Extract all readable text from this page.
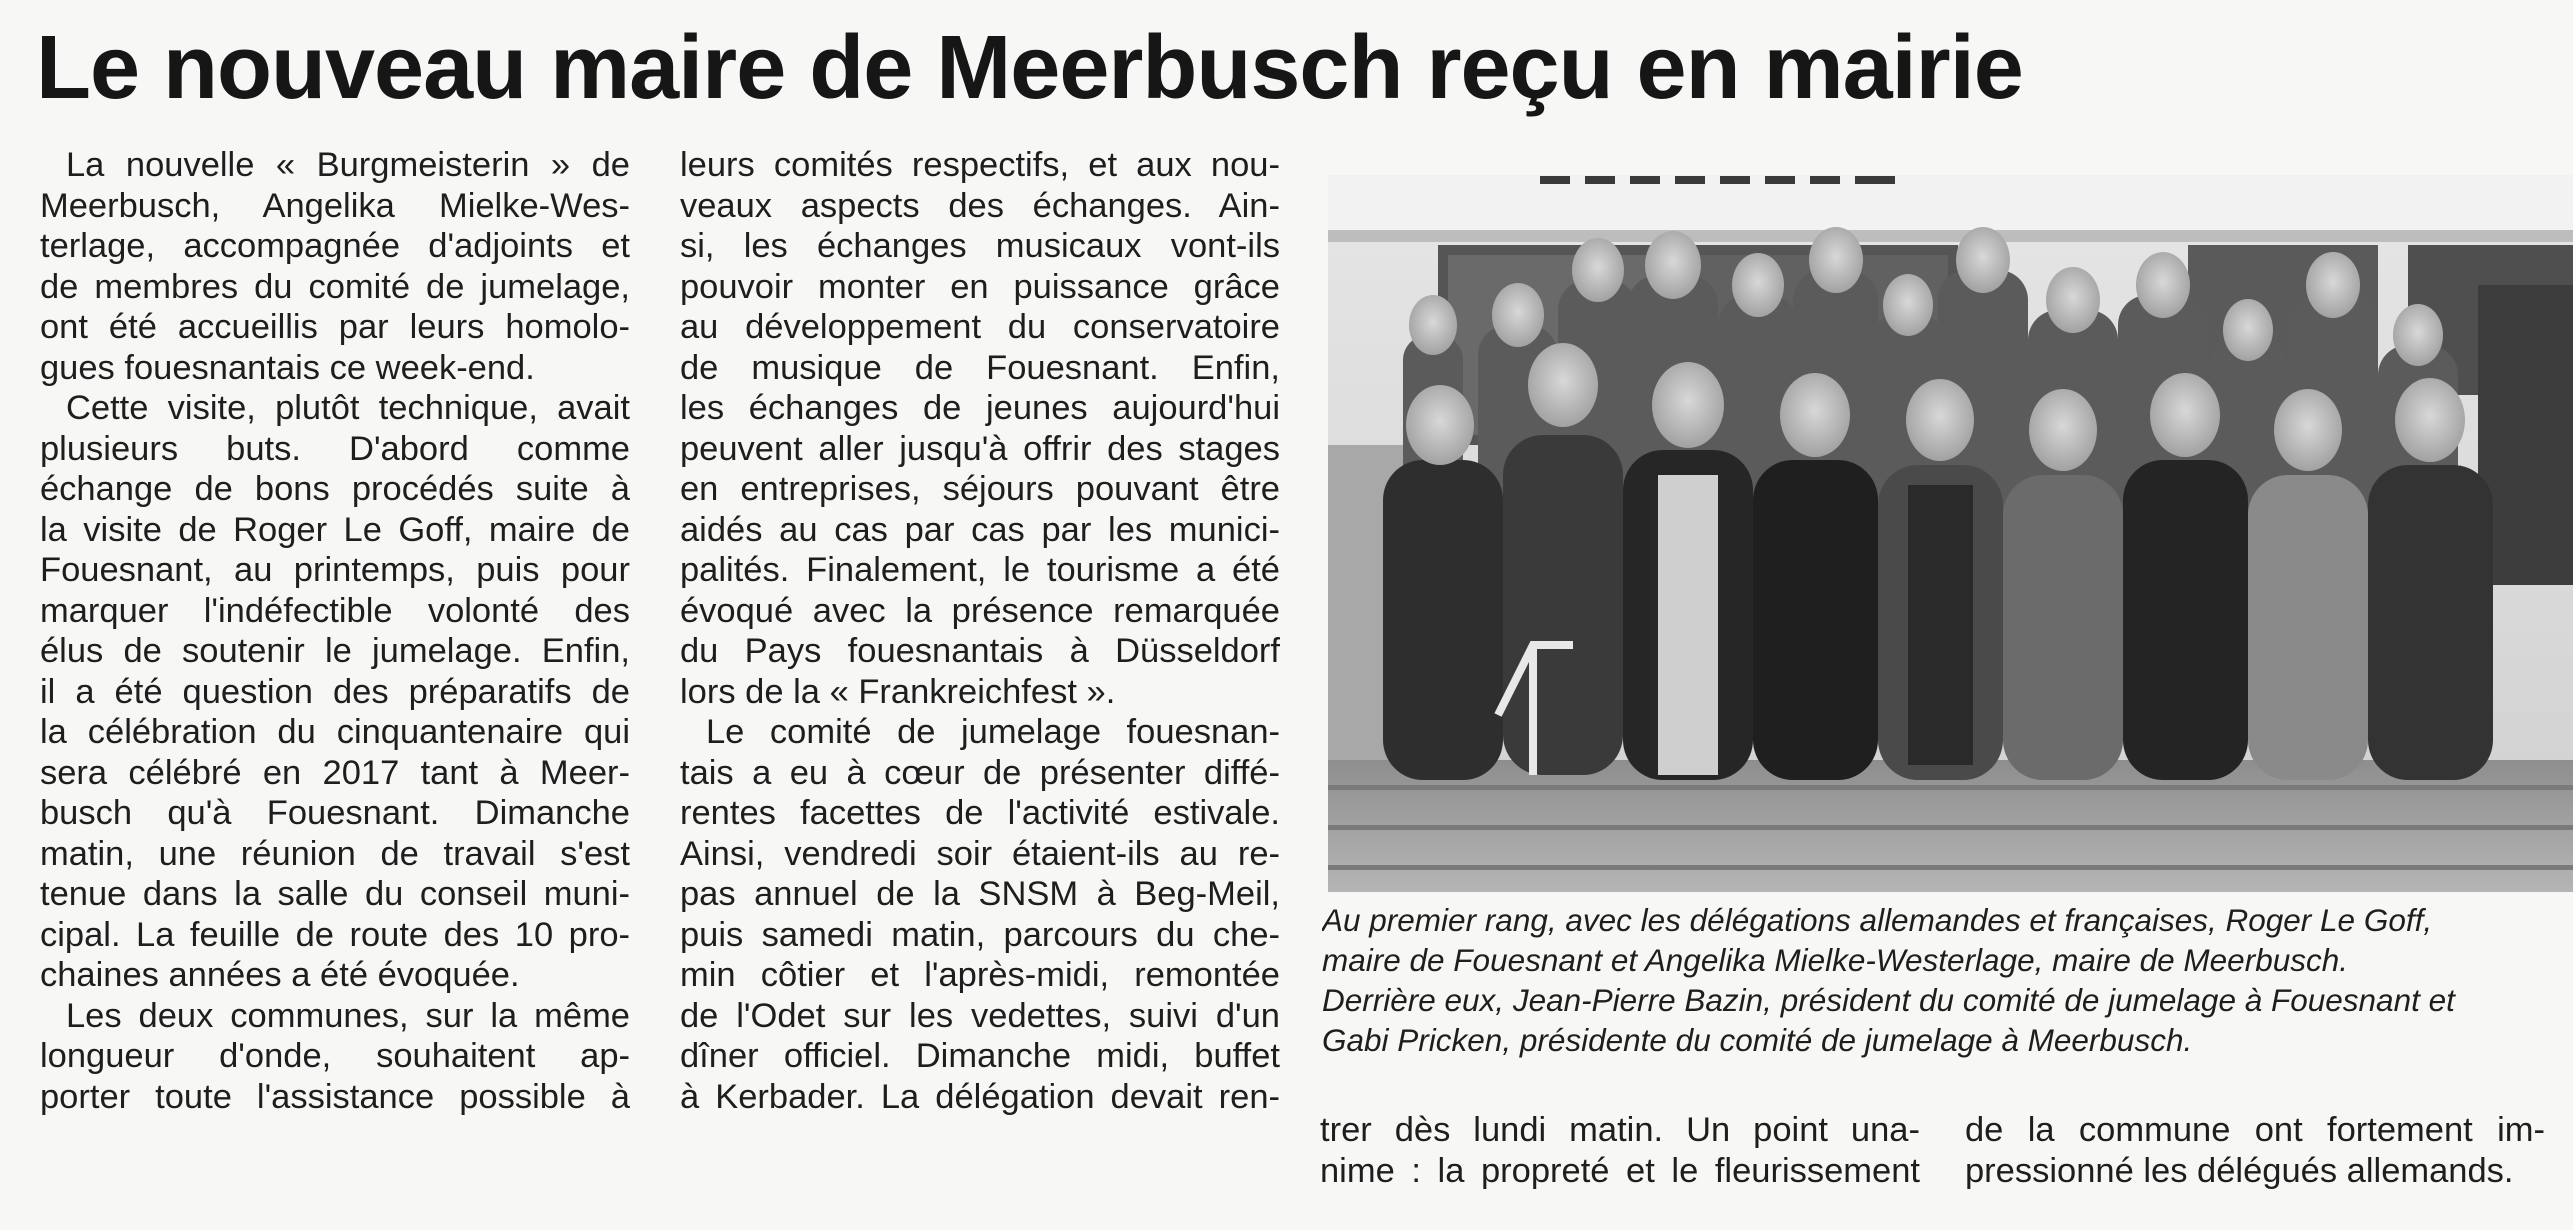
Le nouveau maire de Meerbusch reçu en mairie

La nouvelle « Burgmeisterin » de
Meerbusch, Angelika Mielke-Wes-
terlage, accompagnée d'adjoints et
de membres du comité de jumelage,
ont été accueillis par leurs homolo-
gues fouesnantais ce week-end.

Cette visite, plutôt technique, avait
plusieurs buts. D'abord comme
échange de bons procédés suite à
la visite de Roger Le Goff, maire de
Fouesnant, au printemps, puis pour
marquer l'indéfectible volonté des
élus de soutenir le jumelage. Enfin,
il a été question des préparatifs de
la célébration du cinquantenaire qui
sera célébré en 2017 tant à Meer-
busch qu'à Fouesnant. Dimanche
matin, une réunion de travail s'est
tenue dans la salle du conseil muni-
cipal. La feuille de route des 10 pro-
chaines années a été évoquée.

Les deux communes, sur la même
longueur d'onde, souhaitent ap-
porter toute l'assistance possible à

leurs comités respectifs, et aux nou-
veaux aspects des échanges. Ain-
si, les échanges musicaux vont-ils
pouvoir monter en puissance grâce
au développement du conservatoire
de musique de Fouesnant. Enfin,
les échanges de jeunes aujourd'hui
peuvent aller jusqu'à offrir des stages
en entreprises, séjours pouvant être
aidés au cas par cas par les munici-
palités. Finalement, le tourisme a été
évoqué avec la présence remarquée
du Pays fouesnantais à Düsseldorf
lors de la « Frankreichfest ».

Le comité de jumelage fouesnan-
tais a eu à cœur de présenter diffé-
rentes facettes de l'activité estivale.
Ainsi, vendredi soir étaient-ils au re-
pas annuel de la SNSM à Beg-Meil,
puis samedi matin, parcours du che-
min côtier et l'après-midi, remontée
de l'Odet sur les vedettes, suivi d'un
dîner officiel. Dimanche midi, buffet
à Kerbader. La délégation devait ren-

Au premier rang, avec les délégations allemandes et françaises, Roger Le Goff,
maire de Fouesnant et Angelika Mielke-Westerlage, maire de Meerbusch.
Derrière eux, Jean-Pierre Bazin, président du comité de jumelage à Fouesnant et
Gabi Pricken, présidente du comité de jumelage à Meerbusch.

trer dès lundi matin. Un point una-
nime : la propreté et le fleurissement

de la commune ont fortement im-
pressionné les délégués allemands.
